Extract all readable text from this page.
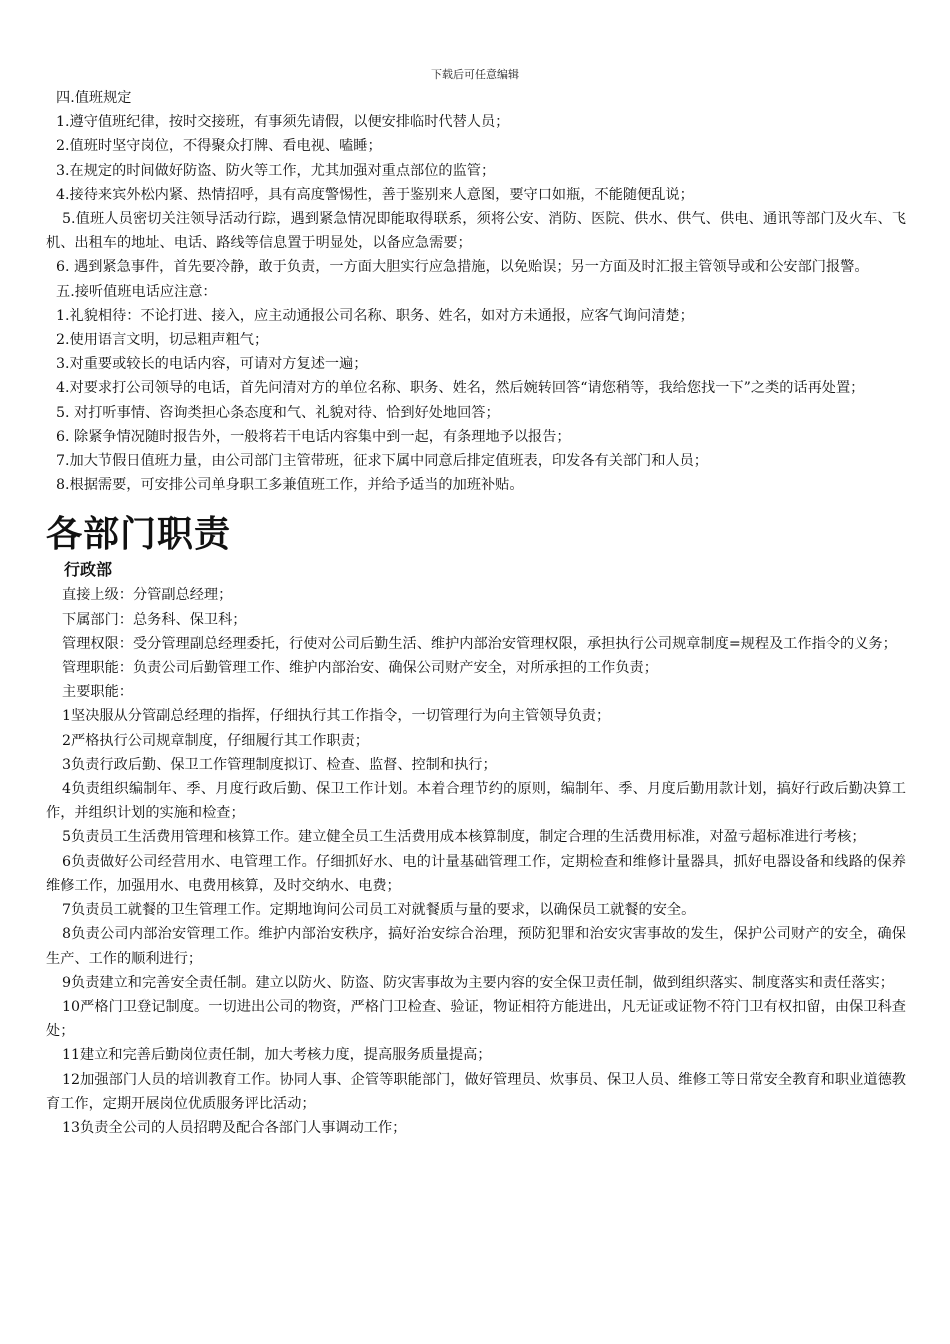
下载后可任意编辑

四.值班规定

1.遵守值班纪律，按时交接班，有事须先请假，以便安排临时代替人员；

2.值班时坚守岗位，不得聚众打牌、看电视、嗑睡；

3.在规定的时间做好防盗、防火等工作，尤其加强对重点部位的监管；

4.接待来宾外松内紧、热情招呼，具有高度警惕性，善于鉴别来人意图，要守口如瓶，不能随便乱说；

5.值班人员密切关注领导活动行踪，遇到紧急情况即能取得联系，须将公安、消防、医院、供水、供气、供电、通讯等部门及火车、飞机、出租车的地址、电话、路线等信息置于明显处，以备应急需要；

6. 遇到紧急事件，首先要冷静，敢于负责，一方面大胆实行应急措施，以免贻误；另一方面及时汇报主管领导或和公安部门报警。

五.接听值班电话应注意：

1.礼貌相待：不论打进、接入，应主动通报公司名称、职务、姓名，如对方未通报，应客气询问清楚；

2.使用语言文明，切忌粗声粗气；

3.对重要或较长的电话内容，可请对方复述一遍；

4.对要求打公司领导的电话，首先问清对方的单位名称、职务、姓名，然后婉转回答“请您稍等，我给您找一下”之类的话再处置；

5. 对打听事情、咨询类担心条态度和气、礼貌对待、恰到好处地回答；

6. 除紧争情况随时报告外，一般将若干电话内容集中到一起，有条理地予以报告；

7.加大节假日值班力量，由公司部门主管带班，征求下属中同意后排定值班表，印发各有关部门和人员；

8.根据需要，可安排公司单身职工多兼值班工作，并给予适当的加班补贴。

各部门职责
行政部

直接上级：分管副总经理；

下属部门：总务科、保卫科；

管理权限：受分管理副总经理委托，行使对公司后勤生活、维护内部治安管理权限，承担执行公司规章制度=规程及工作指令的义务；

管理职能：负责公司后勤管理工作、维护内部治安、确保公司财产安全，对所承担的工作负责；

主要职能：

1坚决服从分管副总经理的指挥，仔细执行其工作指令，一切管理行为向主管领导负责；

2严格执行公司规章制度，仔细履行其工作职责；

3负责行政后勤、保卫工作管理制度拟订、检查、监督、控制和执行；

4负责组织编制年、季、月度行政后勤、保卫工作计划。本着合理节约的原则，编制年、季、月度后勤用款计划，搞好行政后勤决算工作，并组织计划的实施和检查；

5负责员工生活费用管理和核算工作。建立健全员工生活费用成本核算制度，制定合理的生活费用标准，对盈亏超标准进行考核；

6负责做好公司经营用水、电管理工作。仔细抓好水、电的计量基础管理工作，定期检查和维修计量器具，抓好电器设备和线路的保养维修工作，加强用水、电费用核算，及时交纳水、电费；

7负责员工就餐的卫生管理工作。定期地询问公司员工对就餐质与量的要求，以确保员工就餐的安全。

8负责公司内部治安管理工作。维护内部治安秩序，搞好治安综合治理，预防犯罪和治安灾害事故的发生，保护公司财产的安全，确保生产、工作的顺利进行；

9负责建立和完善安全责任制。建立以防火、防盗、防灾害事故为主要内容的安全保卫责任制，做到组织落实、制度落实和责任落实；

10严格门卫登记制度。一切进出公司的物资，严格门卫检查、验证，物证相符方能进出，凡无证或证物不符门卫有权扣留，由保卫科查处；

11建立和完善后勤岗位责任制，加大考核力度，提高服务质量提高；

12加强部门人员的培训教育工作。协同人事、企管等职能部门，做好管理员、炊事员、保卫人员、维修工等日常安全教育和职业道德教育工作，定期开展岗位优质服务评比活动；

13负责全公司的人员招聘及配合各部门人事调动工作；
